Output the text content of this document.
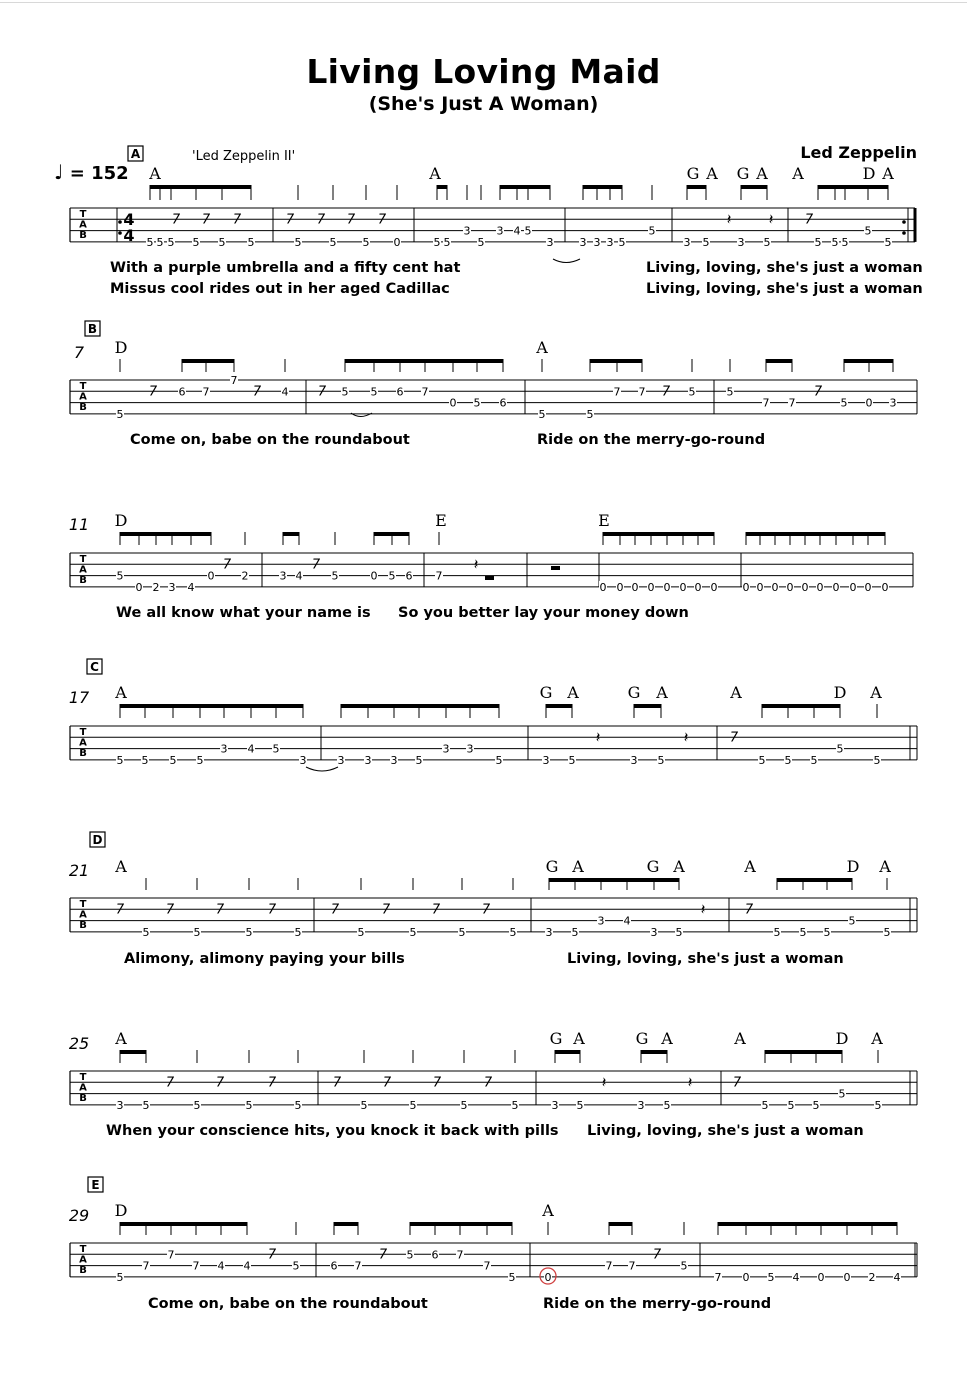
Living Loving Maid
(She's Just A Woman)
Led Zeppelin
♩ = 152
'Led Zeppelin II'
T
A
B
A
A	A	G A G A A	D A
5 5 5 5 5 5	5	5 5 0	5 5 5
3 3 4 5
3 3 3 3 5
5
3 5	3 5	5 5 5
5
5
7 7 7	7 7 7 7	7
𝄽 𝄽
T
A
B
B
7 D	A
5
6 7
7
4	5 5 6 7
0 5 6
5	5
7 7	5	5
7 7	5 0 3
7	7	7	7	7
T
A
B
11 D	E	E
5
0 2 3 4
0 2	3 4	5	0 5 6 7
0 0 0 0 0 0 0 0 0 0 0 0 0 0 0 0 0 0
7	7	𝄽
T
A
B
C
17 A	G A	G A	A	D A
5 5 5 5
3 4 5
3	3 3 3 5
3 3
5	3 5	3 5	5 5 5
5
5
7
𝄽	𝄽
T
A
B
D
21 A	G A	G A	A	D A
5	5	5	5	5	5	5	5	3 5
3 4
3 5	5 5 5
5
5
7	7	7	7	7	7	7	7	7
𝄽
T
A
B
25 A	G A	G A	A	D A
3 5	5	5	5	5	5	5	5	3 5	3 5	5 5 5
5
5
7	7	7	7	7	7	7	7
𝄽	𝄽
T
A
B
E
29 D	A
5
7
7
7 4 4	5	6 7
5 6 7
7
5	0
7 7	5
7 0 5 4 0 0 2 4
7	7	7
4
4
With a purple umbrella and a fifty cent hat
Missus cool rides out in her aged Cadillac
Living, loving, she's just a woman
Living, loving, she's just a woman
Come on, babe on the roundabout	Ride on the merry-go-round
We all know what your name is So you better lay your money down
Alimony, alimony paying your bills	Living, loving, she's just a woman
When your conscience hits, you knock it back with pills Living, loving, she's just a woman
Come on, babe on the roundabout	Ride on the merry-go-round
